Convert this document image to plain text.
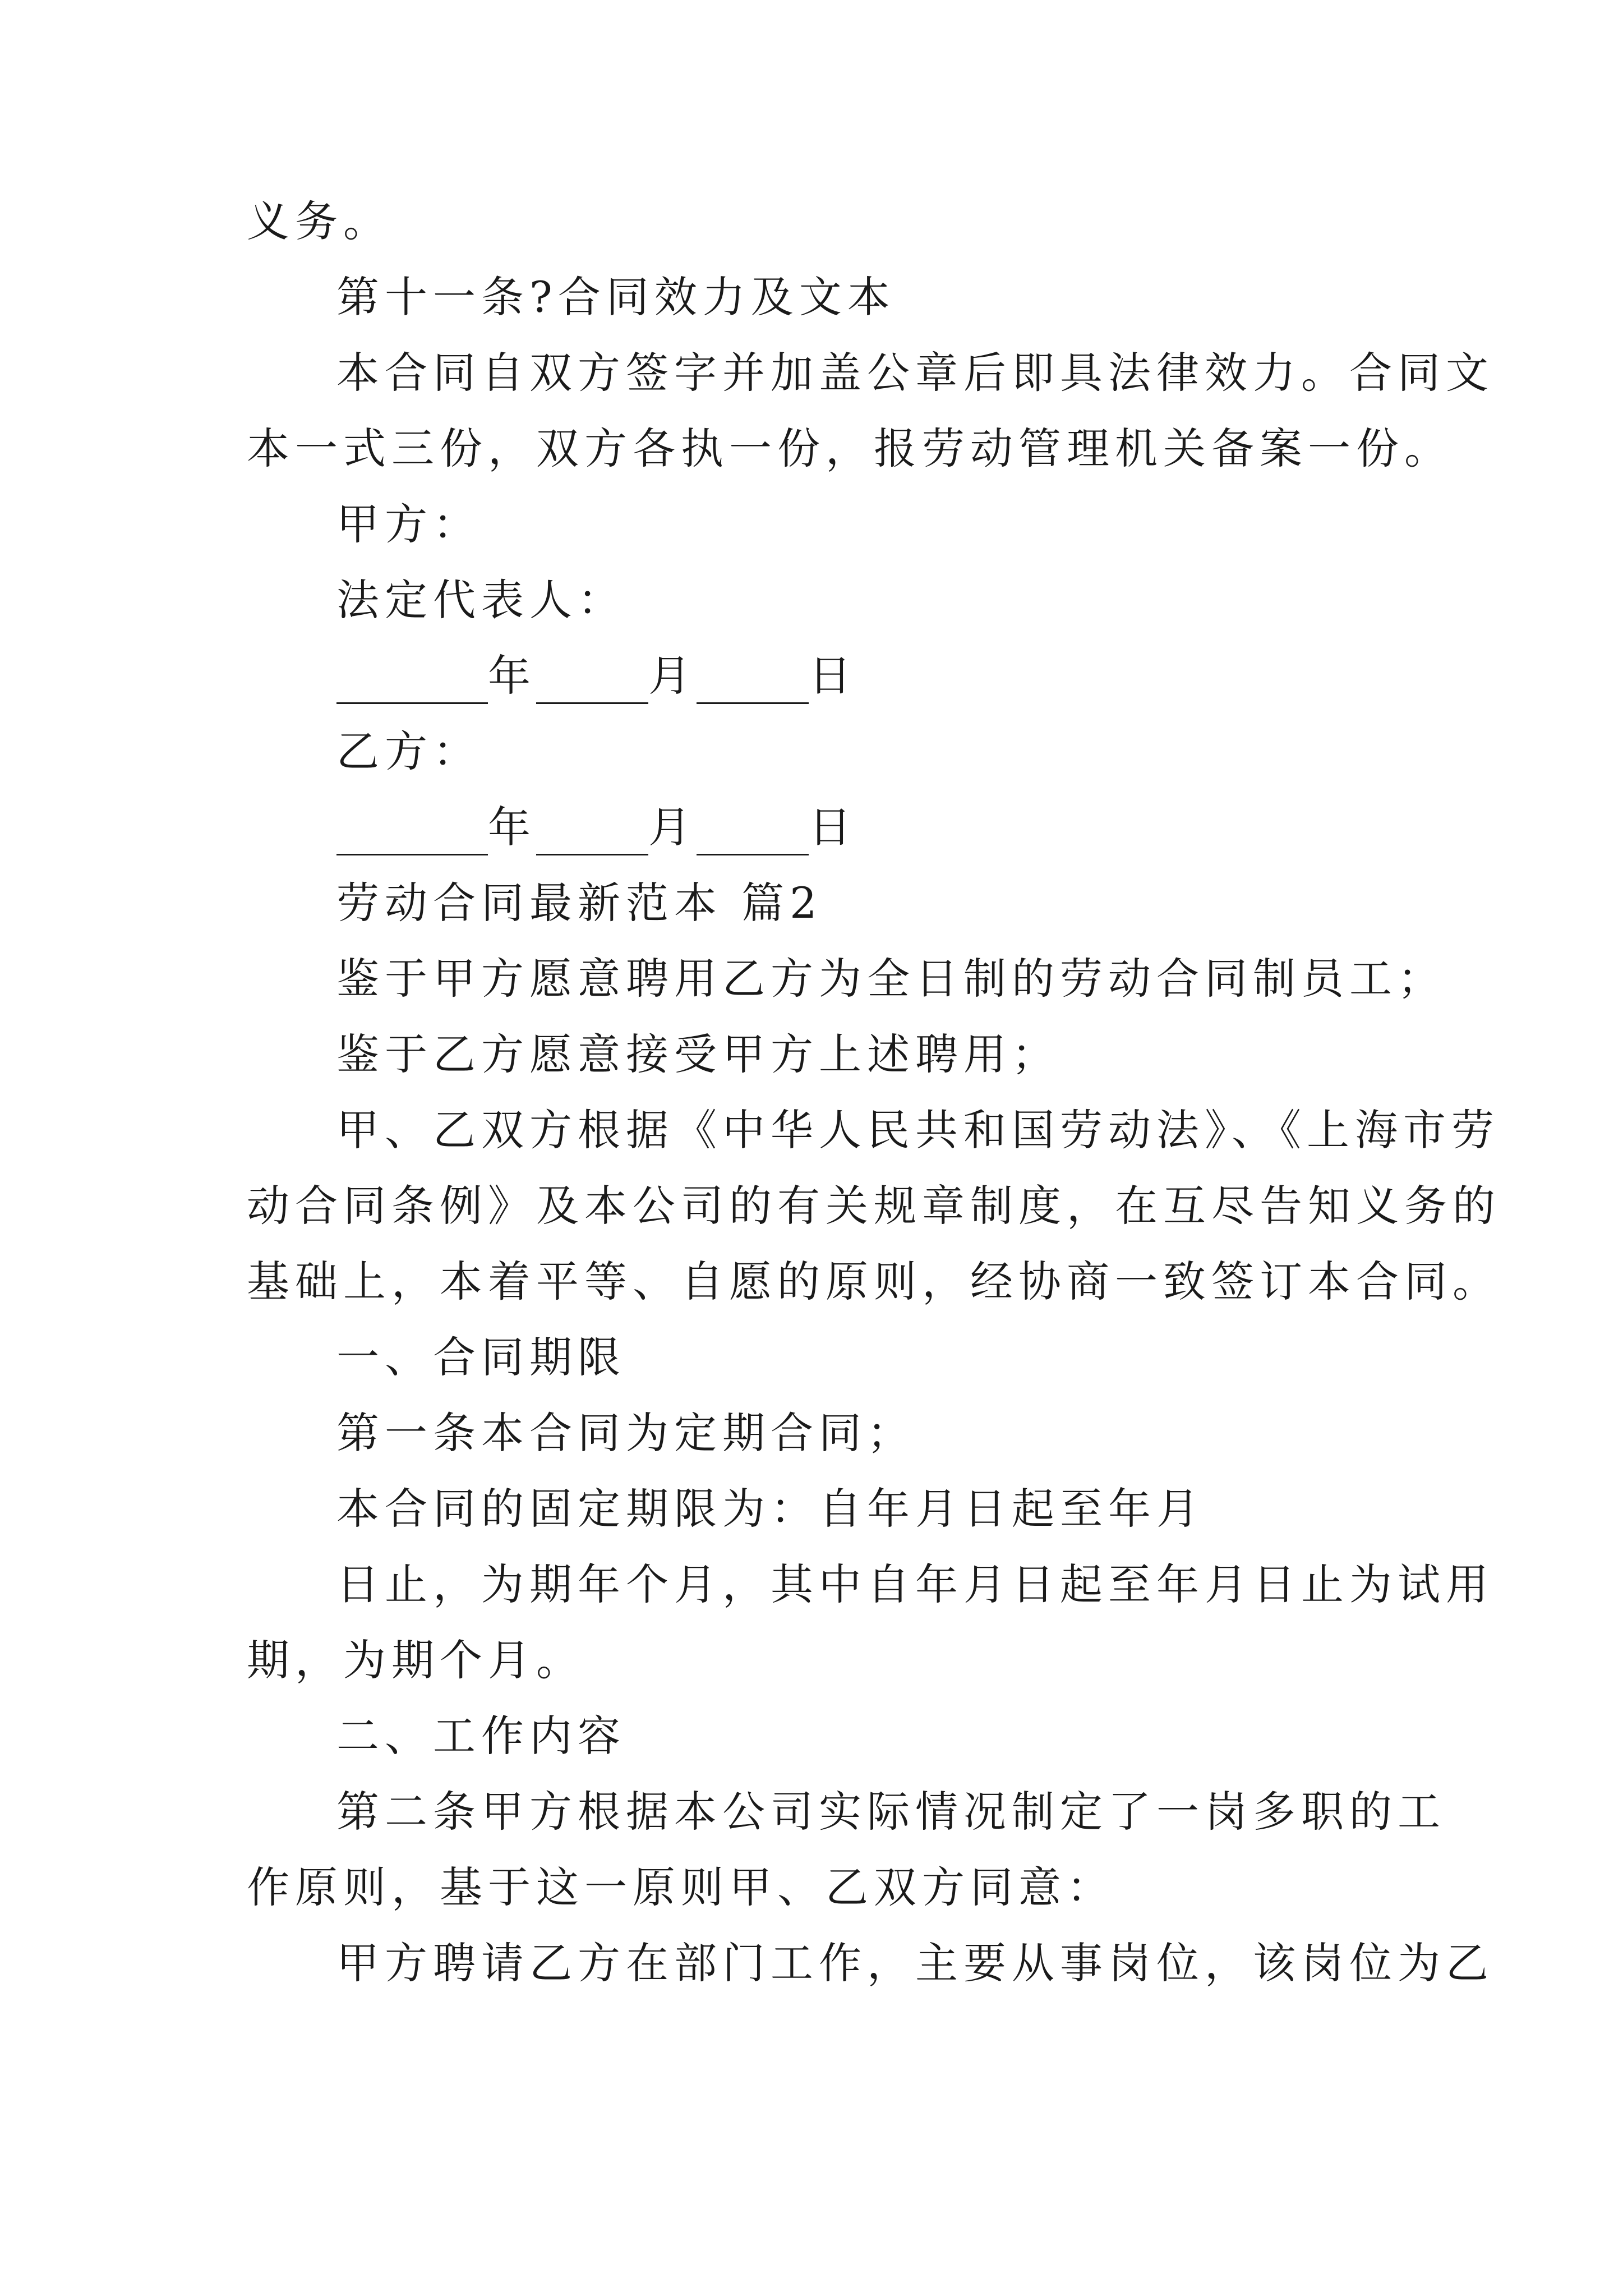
义务。
第十一条?合同效力及文本
本合同自双方签字并加盖公章后即具法律效力。合同文
本一式三份，双方各执一份，报劳动管理机关备案一份。
甲方：
法定代表人：
年	月	日
乙方：
年	月	日
劳动合同最新范本 篇2
鉴于甲方愿意聘用乙方为全日制的劳动合同制员工；
鉴于乙方愿意接受甲方上述聘用；
甲、乙双方根据《中华人民共和国劳动法》、《上海市劳
动合同条例》及本公司的有关规章制度，在互尽告知义务的
基础上，本着平等、自愿的原则，经协商一致签订本合同。
一、合同期限
第一条本合同为定期合同；
本合同的固定期限为：自年月日起至年月
日止，为期年个月，其中自年月日起至年月日止为试用
期，为期个月。
二、工作内容
第二条甲方根据本公司实际情况制定了一岗多职的工
作原则，基于这一原则甲、乙双方同意：
甲方聘请乙方在部门工作，主要从事岗位，该岗位为乙
